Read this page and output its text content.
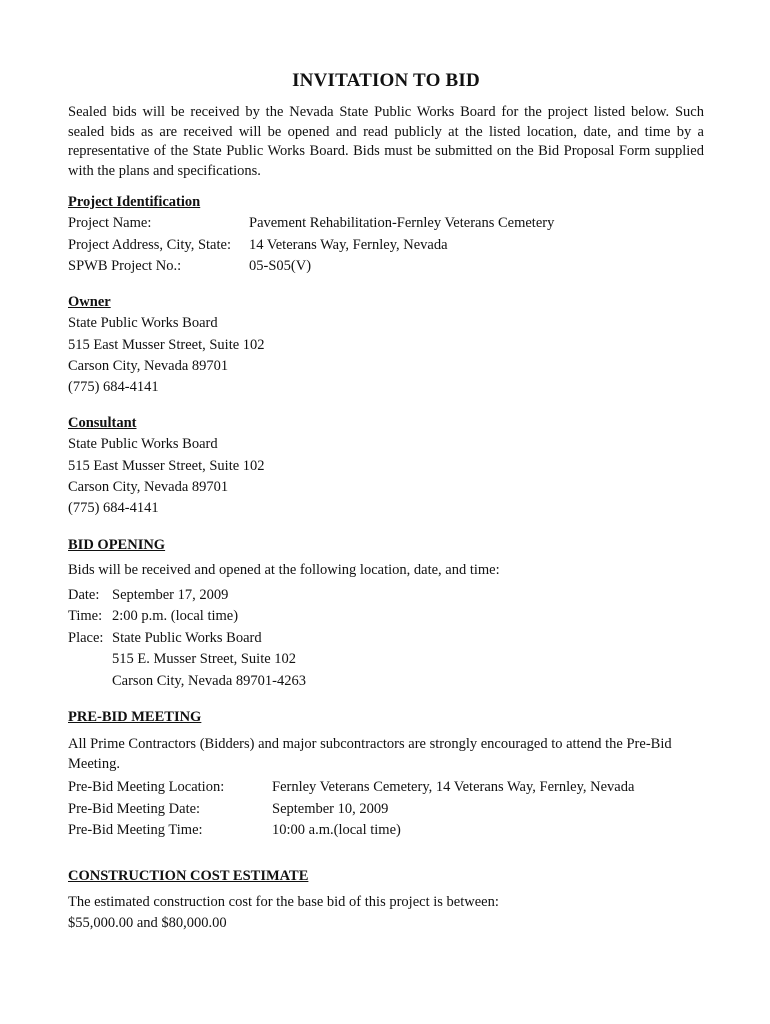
INVITATION TO BID

Sealed bids will be received by the Nevada State Public Works Board for the project listed below. Such sealed bids as are received will be opened and read publicly at the listed location, date, and time by a representative of the State Public Works Board. Bids must be submitted on the Bid Proposal Form supplied with the plans and specifications.

Project Identification
Project Name:	Pavement Rehabilitation-Fernley Veterans Cemetery
Project Address, City, State: 14 Veterans Way, Fernley, Nevada
SPWB Project No.:	05-S05(V)
Owner
State Public Works Board
515 East Musser Street, Suite 102
Carson City, Nevada 89701
(775) 684-4141
Consultant
State Public Works Board
515 East Musser Street, Suite 102
Carson City, Nevada 89701
(775) 684-4141
BID OPENING
Bids will be received and opened at the following location, date, and time:
Date: September 17, 2009
Time: 2:00 p.m. (local time)
Place: State Public Works Board
515 E. Musser Street, Suite 102
Carson City, Nevada 89701-4263
PRE-BID MEETING

All Prime Contractors (Bidders) and major subcontractors are strongly encouraged to attend the Pre-Bid Meeting.

Pre-Bid Meeting Location:	Fernley Veterans Cemetery, 14 Veterans Way, Fernley, Nevada
Pre-Bid Meeting Date:	September 10, 2009
Pre-Bid Meeting Time:	10:00 a.m.(local time)
CONSTRUCTION COST ESTIMATE
The estimated construction cost for the base bid of this project is between:
$55,000.00 and $80,000.00
